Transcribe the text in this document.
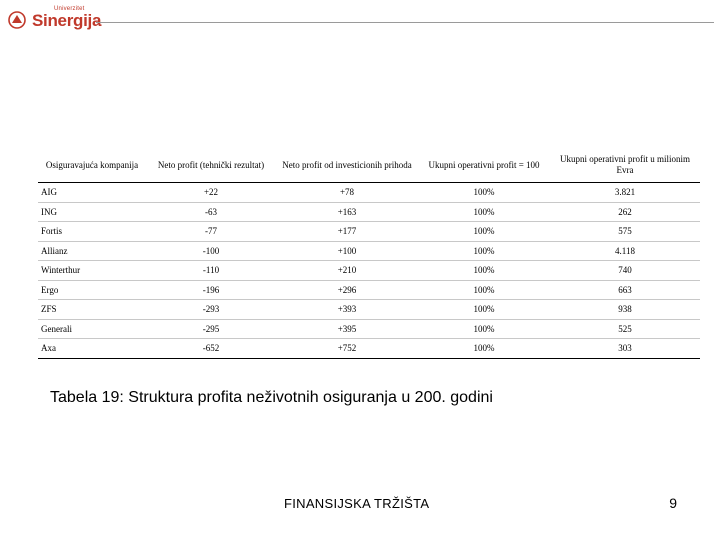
Univerzitet
Sinergija
Osiguravajuća kompanija	Neto profit (tehnički rezultat)	Neto profit od investicionih prihoda	Ukupni operativni profit = 100	Ukupni operativni profit u milionim Evra
AIG	+22	+78	100%	3.821
ING	-63	+163	100%	262
Fortis	-77	+177	100%	575
Allianz	-100	+100	100%	4.118
Winterthur	-110	+210	100%	740
Ergo	-196	+296	100%	663
ZFS	-293	+393	100%	938
Generali	-295	+395	100%	525
Axa	-652	+752	100%	303
Tabela 19: Struktura profita neživotnih osiguranja u 200. godini
FINANSIJSKA TRŽIŠTA	9
